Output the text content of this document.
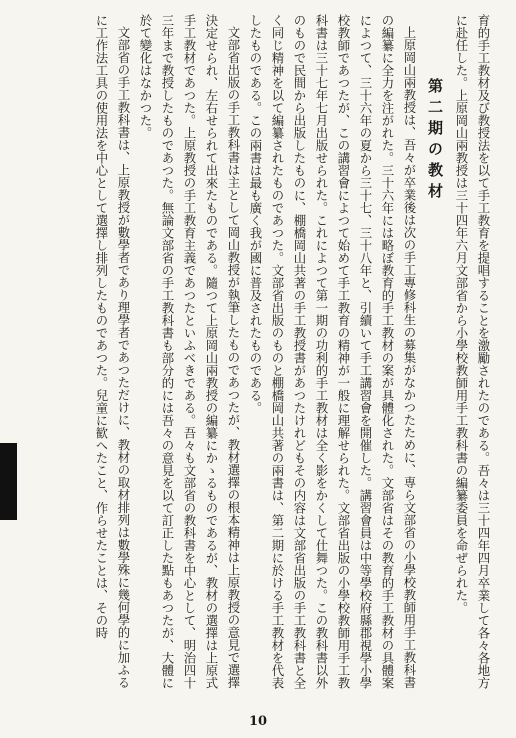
育的手工教材及び教授法を以て手工教育を提唱することを激勵されたのである。吾々は三十四年四月卒業して各々各地方に赴任した。上原岡山兩教授は三十四年六月文部省から小學校教師用手工教科書の編纂委員を命ぜられた。

第二期の教材

上原岡山兩教授は、吾々が卒業後は次の手工專修科生の募集がなかつたために、専ら文部省の小學校教師用手工教科書の編纂に全力を注がれた。三十六年には略ぼ教育的手工教材の案が具體化された。文部省はその教育的手工教材の具體案によつて、三十六年の夏から三十七、三十八年と、引續いて手工講習會を開催した。講習會員は中等學校府縣郡視學小學校教師であつたが、この講習會によつて始めて手工教育の精神が一般に理解せられた。文部省出版の小學校教師用手工教科書は三十七年七月出版せられた。これによつて第一期の功利的手工教材は全く影をかくして仕舞つた。この教科書以外のもので民間から出版したものに、棚橋岡山共著の手工教授書があつたけれどもその内容は文部省出版の手工教科書と全く同じ精神を以て編纂されたものであつた。文部省出版のものと棚橋岡山共著の兩書は、第二期に於ける手工教材を代表したものである。この兩書は最も廣く我が國に普及されたものである。

文部省出版の手工教科書は主として岡山教授が執筆したものであつたが、教材選擇の根本精神は上原教授の意見で選擇決定せられ、左右せられて出來たものである。隨つて上原岡山兩教授の編纂にかゝるものであるが、教材の選擇は上原式手工教材であつた。上原教授の手工教育主義であつたといふべきである。吾々も文部省の教科書を中心として、明治四十三年まで教授したものであつた。無論文部省の手工教科書も部分的には吾々の意見を以て訂正した點もあつたが、大體に於て變化はなかつた。

文部省の手工教科書は、上原教授が數學者であり理學者であつただけに、教材の取材排列は數學殊に幾何學的に加ふるに工作法工具の使用法を中心として選擇し排列したものであつた。兒童に歓へたこと、作らせたことは、その時

10
